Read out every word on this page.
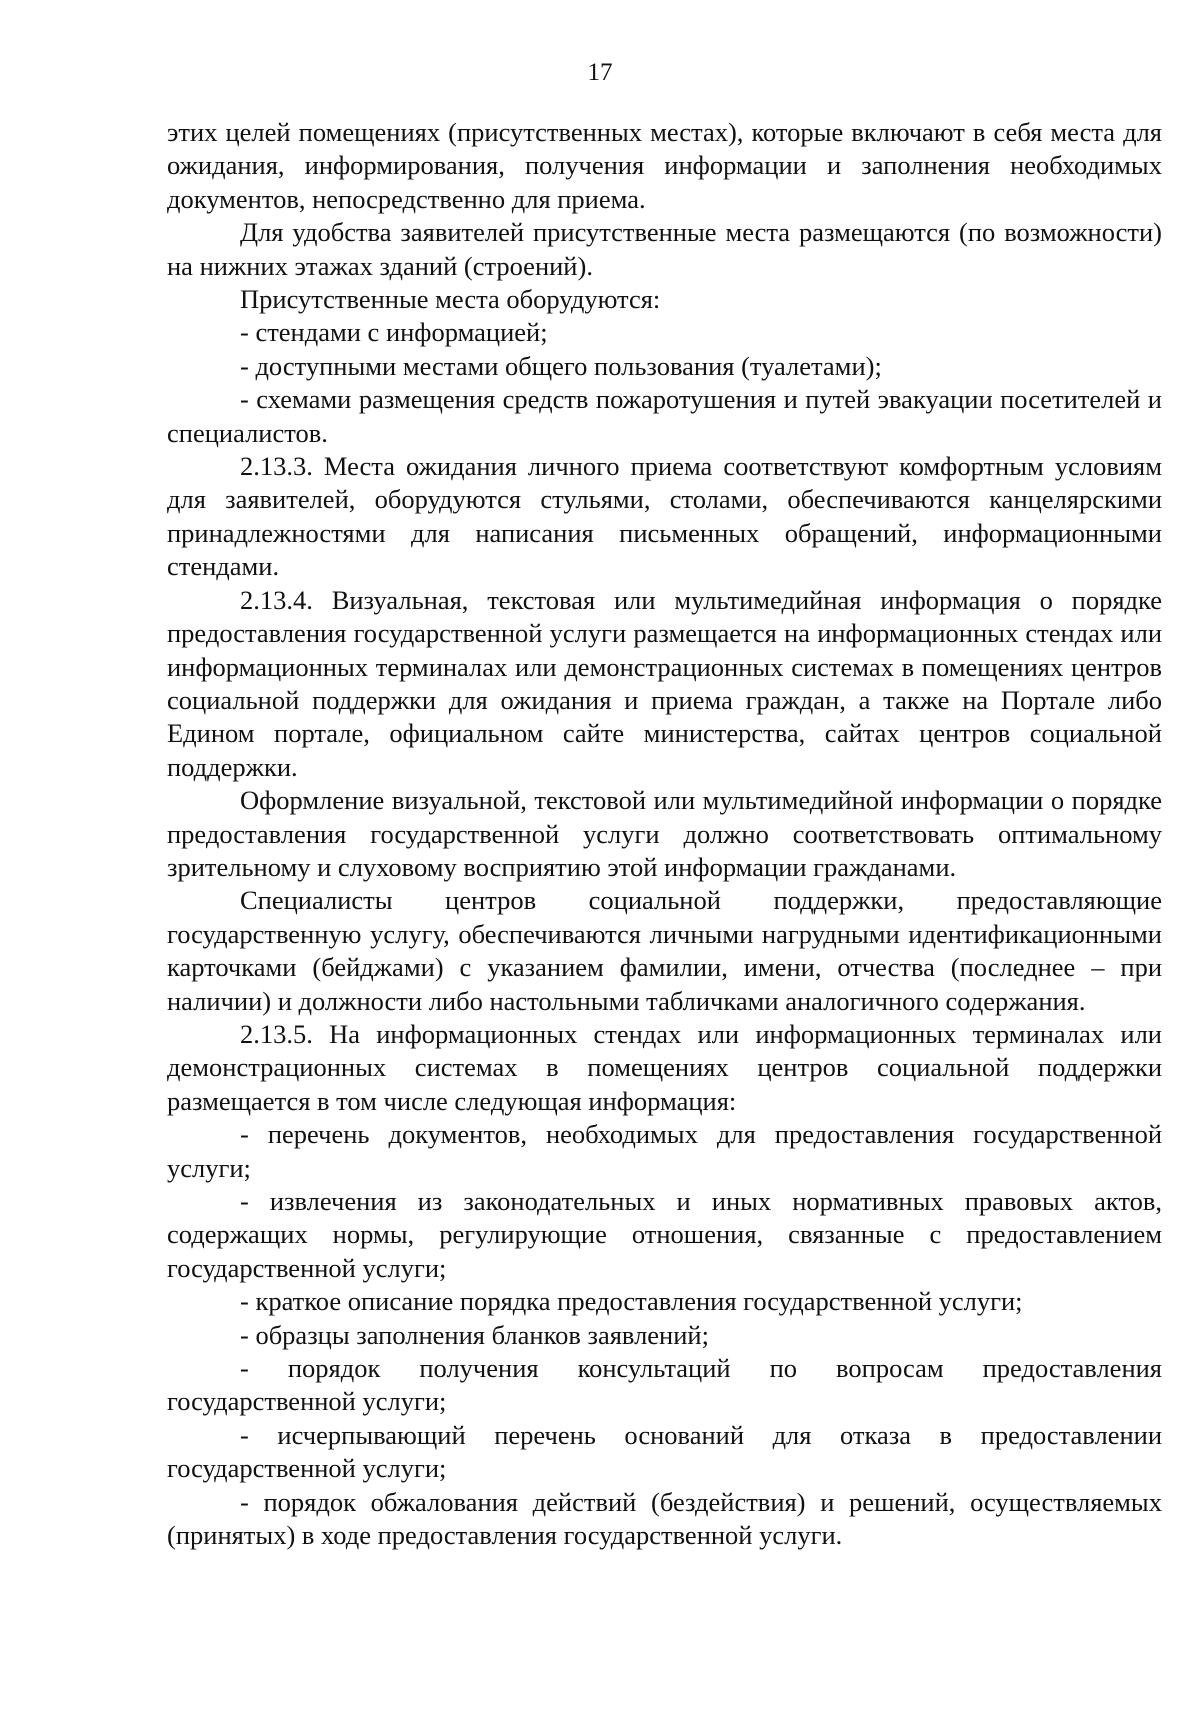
17

этих целей помещениях (присутственных местах), которые включают в себя места для ожидания, информирования, получения информации и заполнения необходимых документов, непосредственно для приема.

Для удобства заявителей присутственные места размещаются (по возможности) на нижних этажах зданий (строений).

Присутственные места оборудуются:

- стендами с информацией;

- доступными местами общего пользования (туалетами);

- схемами размещения средств пожаротушения и путей эвакуации посетителей и специалистов.

2.13.3. Места ожидания личного приема соответствуют комфортным условиям для заявителей, оборудуются стульями, столами, обеспечиваются канцелярскими принадлежностями для написания письменных обращений, информационными стендами.

2.13.4. Визуальная, текстовая или мультимедийная информация о порядке предоставления государственной услуги размещается на информационных стендах или информационных терминалах или демонстрационных системах в помещениях центров социальной поддержки для ожидания и приема граждан, а также на Портале либо Едином портале, официальном сайте министерства, сайтах центров социальной поддержки.

Оформление визуальной, текстовой или мультимедийной информации о порядке предоставления государственной услуги должно соответствовать оптимальному зрительному и слуховому восприятию этой информации гражданами.

Специалисты центров социальной поддержки, предоставляющие государственную услугу, обеспечиваются личными нагрудными идентификационными карточками (бейджами) с указанием фамилии, имени, отчества (последнее – при наличии) и должности либо настольными табличками аналогичного содержания.

2.13.5. На информационных стендах или информационных терминалах или демонстрационных системах в помещениях центров социальной поддержки размещается в том числе следующая информация:

- перечень документов, необходимых для предоставления государственной услуги;

- извлечения из законодательных и иных нормативных правовых актов, содержащих нормы, регулирующие отношения, связанные с предоставлением государственной услуги;

- краткое описание порядка предоставления государственной услуги;

- образцы заполнения бланков заявлений;

- порядок получения консультаций по вопросам предоставления государственной услуги;

- исчерпывающий перечень оснований для отказа в предоставлении государственной услуги;

- порядок обжалования действий (бездействия) и решений, осуществляемых (принятых) в ходе предоставления государственной услуги.
